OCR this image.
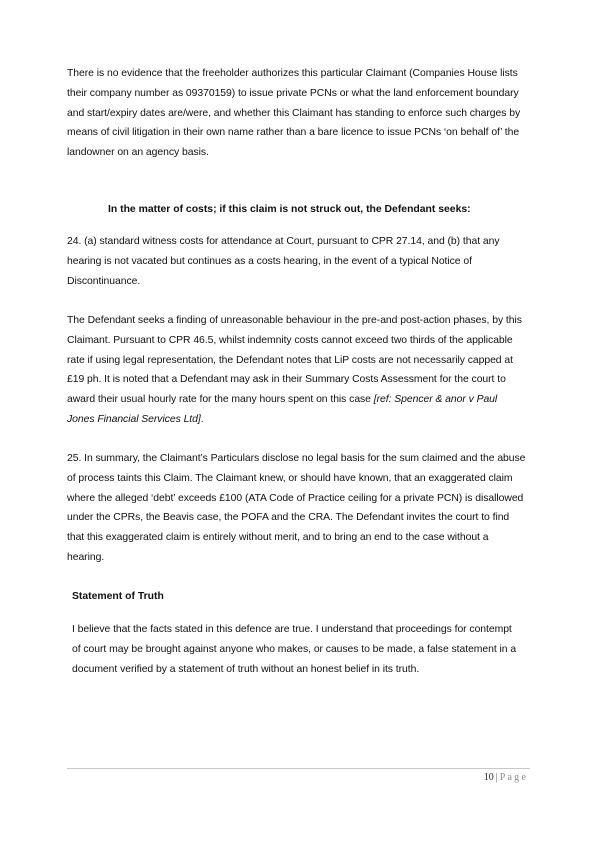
There is no evidence that the freeholder authorizes this particular Claimant (Companies House lists their company number as 09370159) to issue private PCNs or what the land enforcement boundary and start/expiry dates are/were, and whether this Claimant has standing to enforce such charges by means of civil litigation in their own name rather than a bare licence to issue PCNs ‘on behalf of’ the landowner on an agency basis.

In the matter of costs; if this claim is not struck out, the Defendant seeks:

24. (a) standard witness costs for attendance at Court, pursuant to CPR 27.14, and (b) that any hearing is not vacated but continues as a costs hearing, in the event of a typical Notice of Discontinuance.

The Defendant seeks a finding of unreasonable behaviour in the pre-and post-action phases, by this Claimant. Pursuant to CPR 46.5, whilst indemnity costs cannot exceed two thirds of the applicable rate if using legal representation, the Defendant notes that LiP costs are not necessarily capped at £19 ph. It is noted that a Defendant may ask in their Summary Costs Assessment for the court to award their usual hourly rate for the many hours spent on this case [ref: Spencer & anor v Paul Jones Financial Services Ltd].

25. In summary, the Claimant’s Particulars disclose no legal basis for the sum claimed and the abuse of process taints this Claim. The Claimant knew, or should have known, that an exaggerated claim where the alleged ‘debt’ exceeds £100 (ATA Code of Practice ceiling for a private PCN) is disallowed under the CPRs, the Beavis case, the POFA and the CRA. The Defendant invites the court to find that this exaggerated claim is entirely without merit, and to bring an end to the case without a hearing.

Statement of Truth

I believe that the facts stated in this defence are true. I understand that proceedings for contempt of court may be brought against anyone who makes, or causes to be made, a false statement in a document verified by a statement of truth without an honest belief in its truth.

10 | Page
